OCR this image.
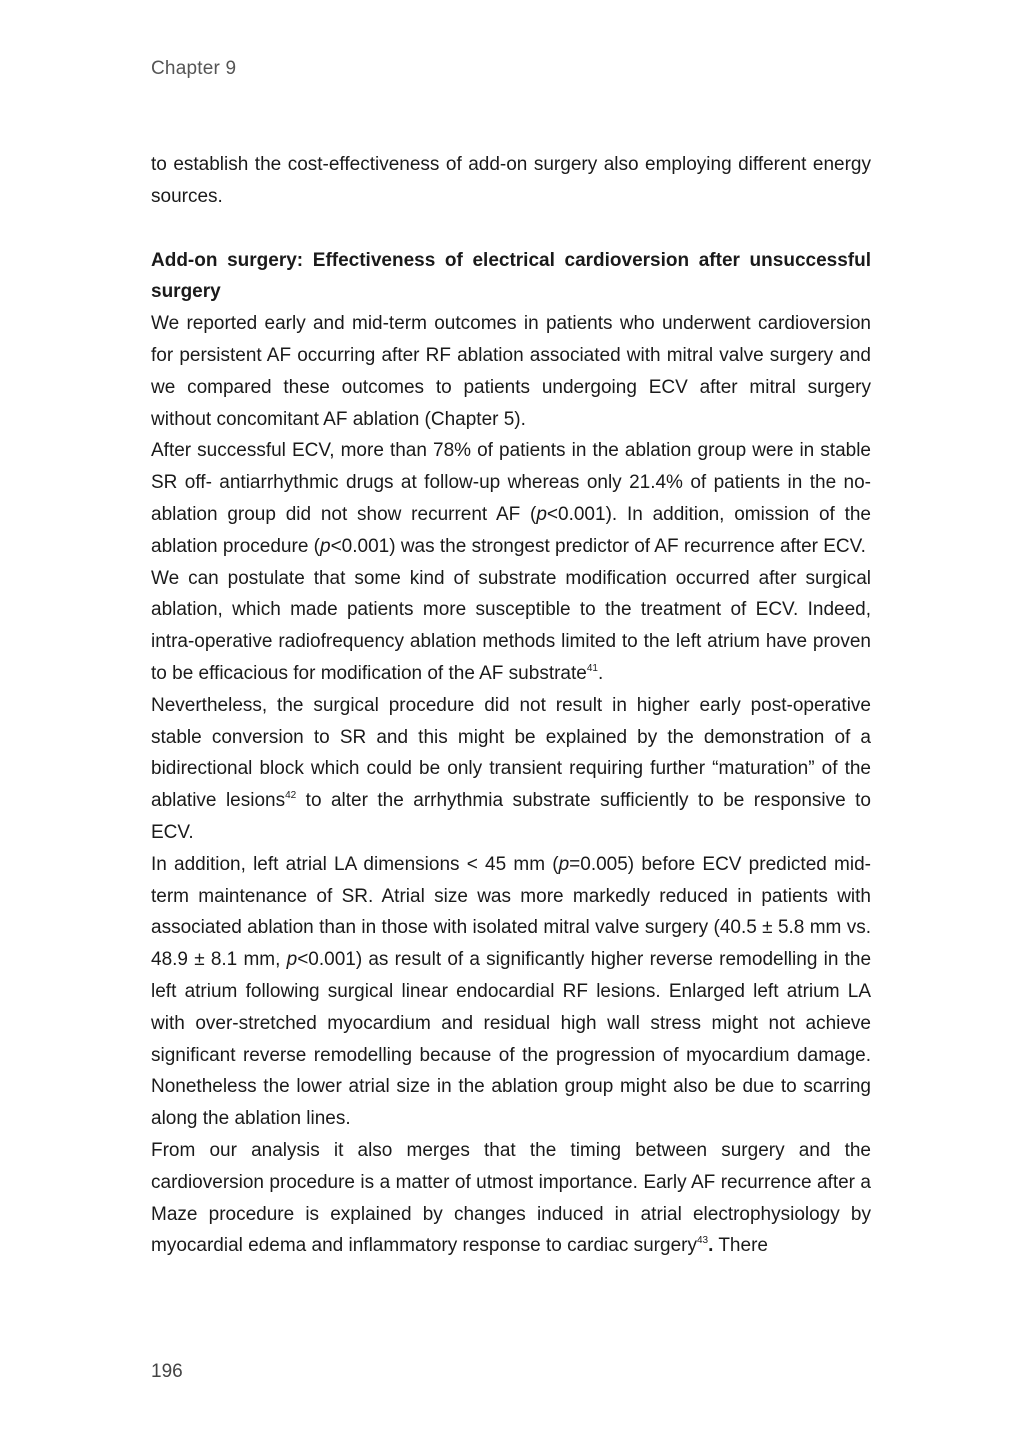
Chapter 9

to establish the cost-effectiveness of add-on surgery also employing different energy sources.

Add-on surgery: Effectiveness of electrical cardioversion after unsuccessful surgery

We reported early and mid-term outcomes in patients who underwent cardioversion for persistent AF occurring after RF ablation associated with mitral valve surgery and we compared these outcomes to patients undergoing ECV after mitral surgery without concomitant AF ablation (Chapter 5).

After successful ECV, more than 78% of patients in the ablation group were in stable SR off- antiarrhythmic drugs at follow-up whereas only 21.4% of patients in the no-ablation group did not show recurrent AF (p<0.001). In addition, omission of the ablation procedure (p<0.001) was the strongest predictor of AF recurrence after ECV.

We can postulate that some kind of substrate modification occurred after surgical ablation, which made patients more susceptible to the treatment of ECV. Indeed, intra-operative radiofrequency ablation methods limited to the left atrium have proven to be efficacious for modification of the AF substrate$^{41}$.

Nevertheless, the surgical procedure did not result in higher early post-operative stable conversion to SR and this might be explained by the demonstration of a bidirectional block which could be only transient requiring further “maturation” of the ablative lesions$^{42}$ to alter the arrhythmia substrate sufficiently to be responsive to ECV.

In addition, left atrial LA dimensions < 45 mm (p=0.005) before ECV predicted mid-term maintenance of SR. Atrial size was more markedly reduced in patients with associated ablation than in those with isolated mitral valve surgery (40.5 ± 5.8 mm vs. 48.9 ± 8.1 mm, p<0.001) as result of a significantly higher reverse remodelling in the left atrium following surgical linear endocardial RF lesions. Enlarged left atrium LA with over-stretched myocardium and residual high wall stress might not achieve significant reverse remodelling because of the progression of myocardium damage. Nonetheless the lower atrial size in the ablation group might also be due to scarring along the ablation lines.

From our analysis it also merges that the timing between surgery and the cardioversion procedure is a matter of utmost importance. Early AF recurrence after a Maze procedure is explained by changes induced in atrial electrophysiology by myocardial edema and inflammatory response to cardiac surgery$^{43}$. There

196
